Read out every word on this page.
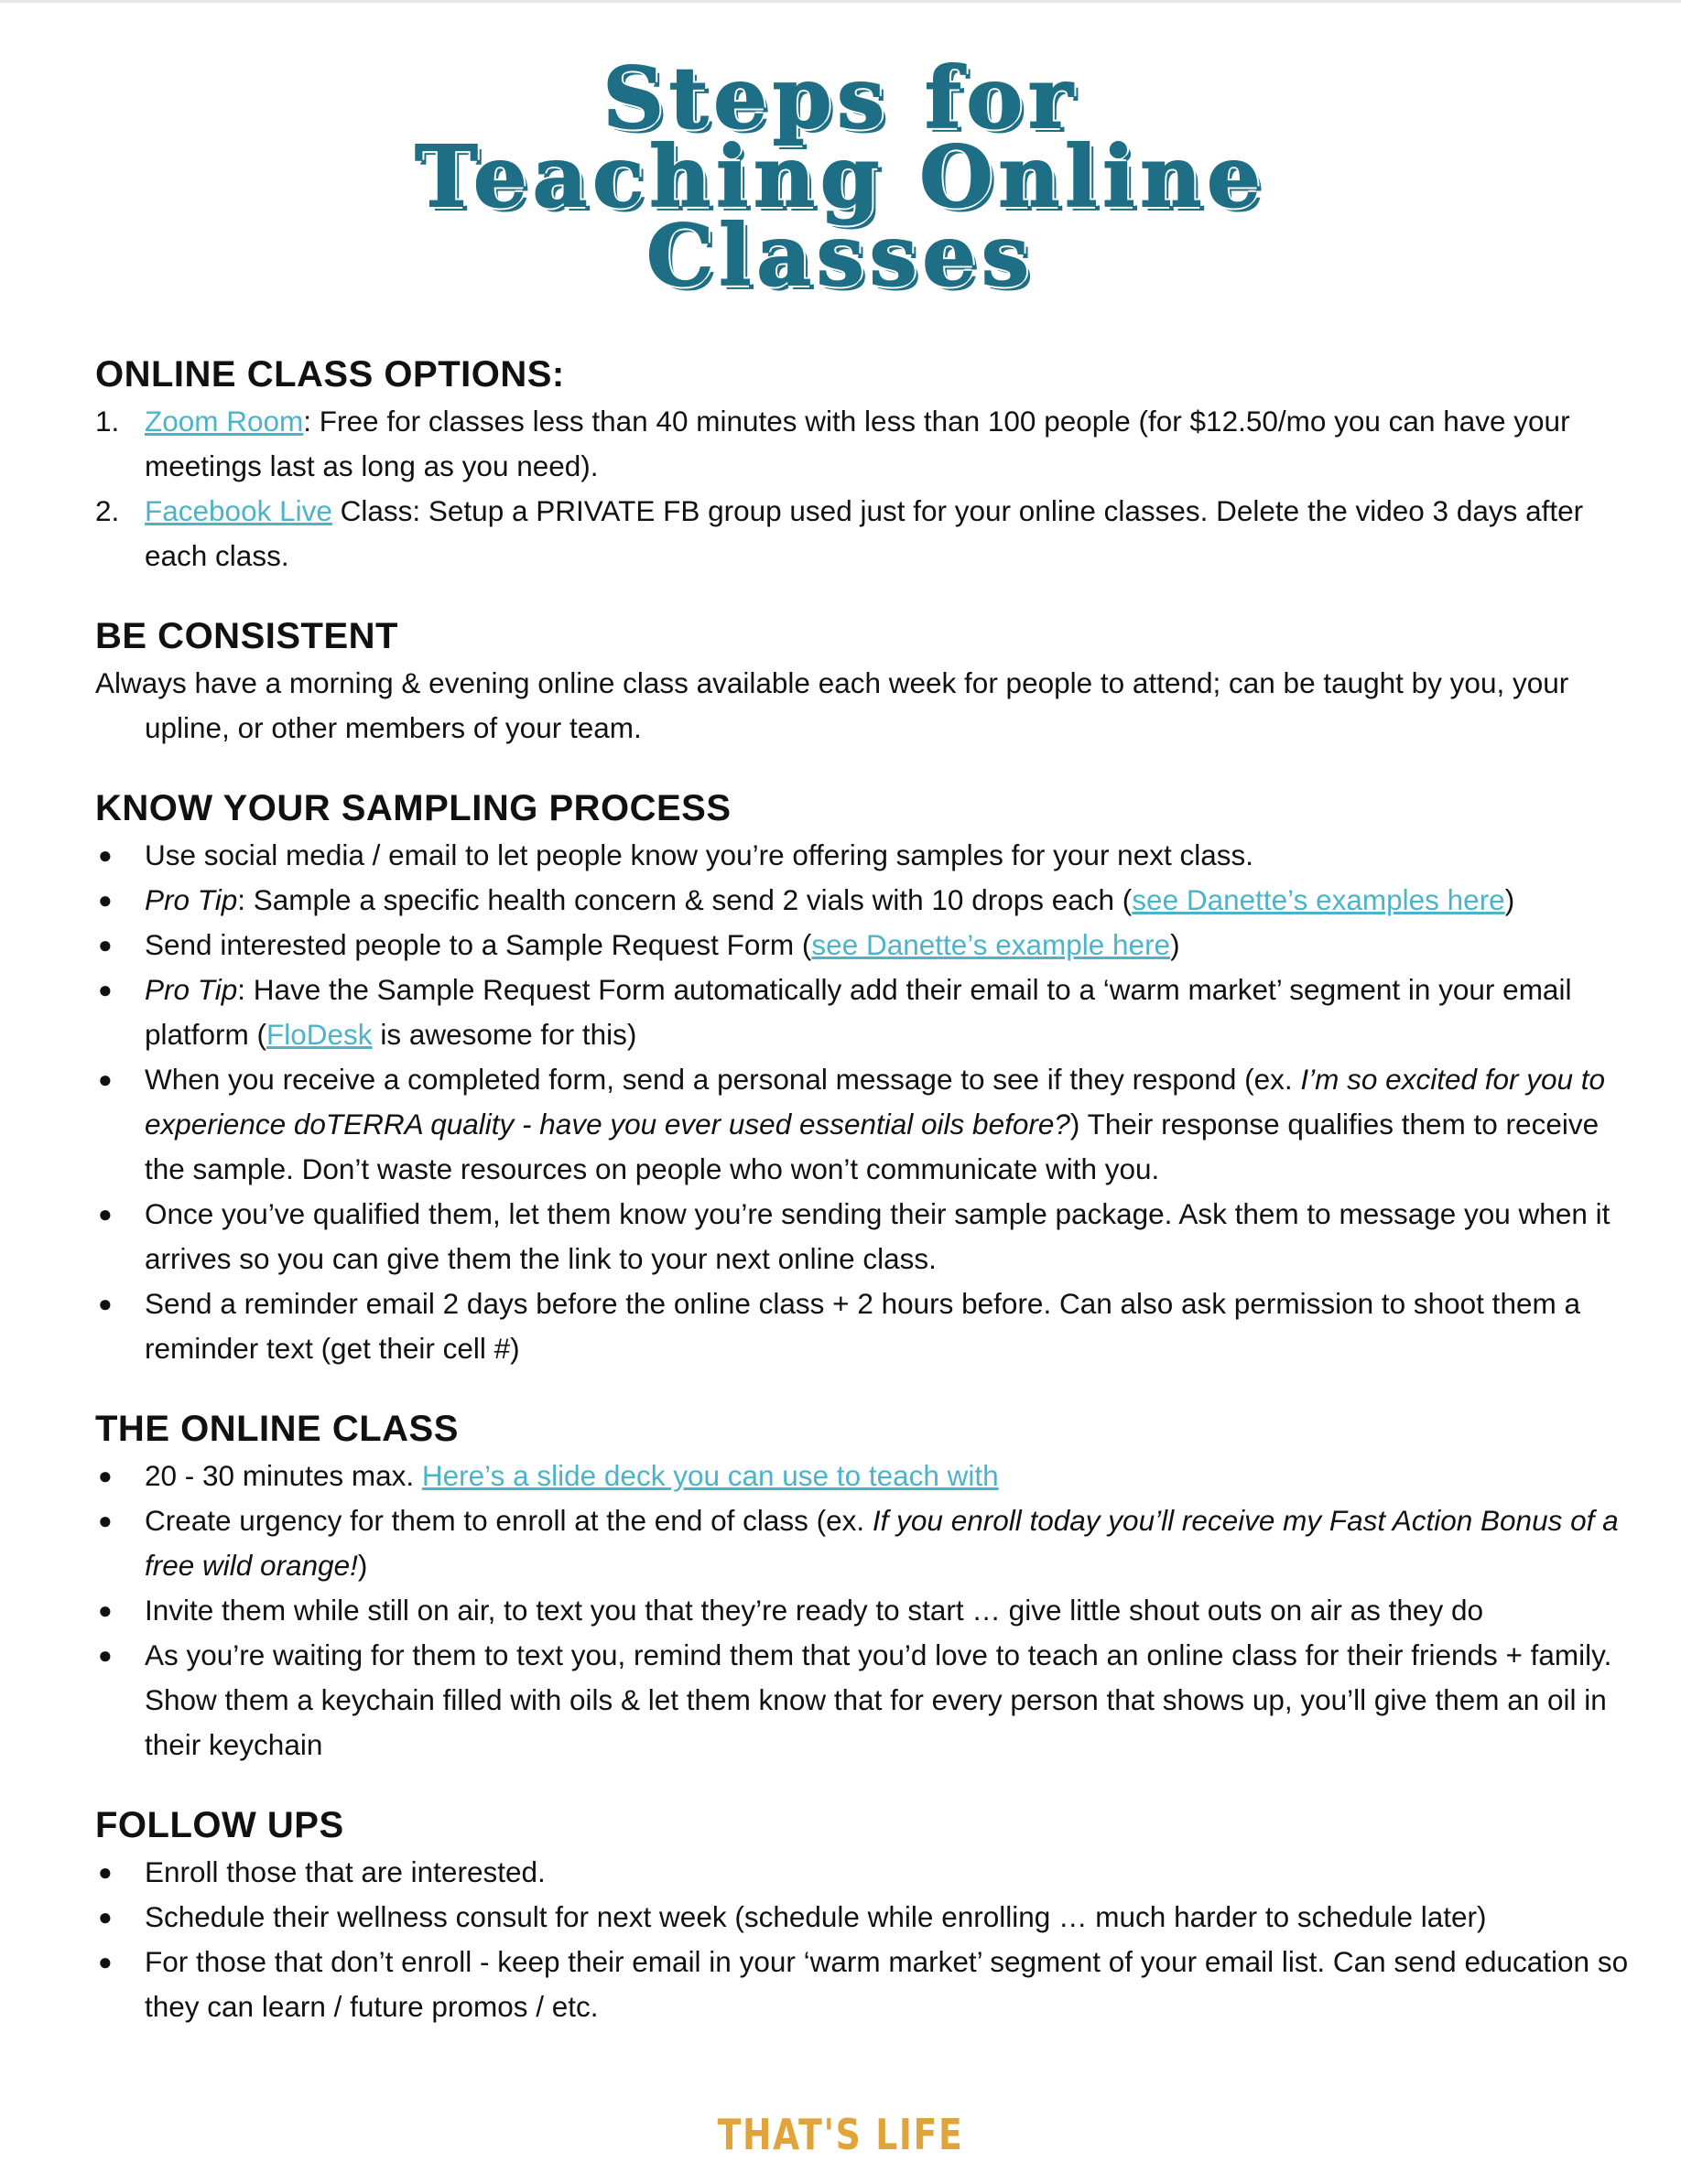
Steps for
Teaching Online
Classes
ONLINE CLASS OPTIONS:
1. Zoom Room: Free for classes less than 40 minutes with less than 100 people (for $12.50/mo you can have your meetings last as long as you need).
2. Facebook Live Class: Setup a PRIVATE FB group used just for your online classes. Delete the video 3 days after each class.
BE CONSISTENT
Always have a morning & evening online class available each week for people to attend; can be taught by you, your upline, or other members of your team.
KNOW YOUR SAMPLING PROCESS
● Use social media / email to let people know you’re offering samples for your next class.
● Pro Tip: Sample a specific health concern & send 2 vials with 10 drops each (see Danette’s examples here)
● Send interested people to a Sample Request Form (see Danette’s example here)
● Pro Tip: Have the Sample Request Form automatically add their email to a ‘warm market’ segment in your email platform (FloDesk is awesome for this)
● When you receive a completed form, send a personal message to see if they respond (ex. I’m so excited for you to experience doTERRA quality - have you ever used essential oils before?) Their response qualifies them to receive the sample. Don’t waste resources on people who won’t communicate with you.
● Once you’ve qualified them, let them know you’re sending their sample package. Ask them to message you when it arrives so you can give them the link to your next online class.
● Send a reminder email 2 days before the online class + 2 hours before. Can also ask permission to shoot them a reminder text (get their cell #)
THE ONLINE CLASS
● 20 - 30 minutes max. Here’s a slide deck you can use to teach with
● Create urgency for them to enroll at the end of class (ex. If you enroll today you’ll receive my Fast Action Bonus of a free wild orange!)
● Invite them while still on air, to text you that they’re ready to start … give little shout outs on air as they do
● As you’re waiting for them to text you, remind them that you’d love to teach an online class for their friends + family. Show them a keychain filled with oils & let them know that for every person that shows up, you’ll give them an oil in their keychain
FOLLOW UPS
● Enroll those that are interested.
● Schedule their wellness consult for next week (schedule while enrolling … much harder to schedule later)
● For those that don’t enroll - keep their email in your ‘warm market’ segment of your email list. Can send education so they can learn / future promos / etc.
THAT'S LIFE
